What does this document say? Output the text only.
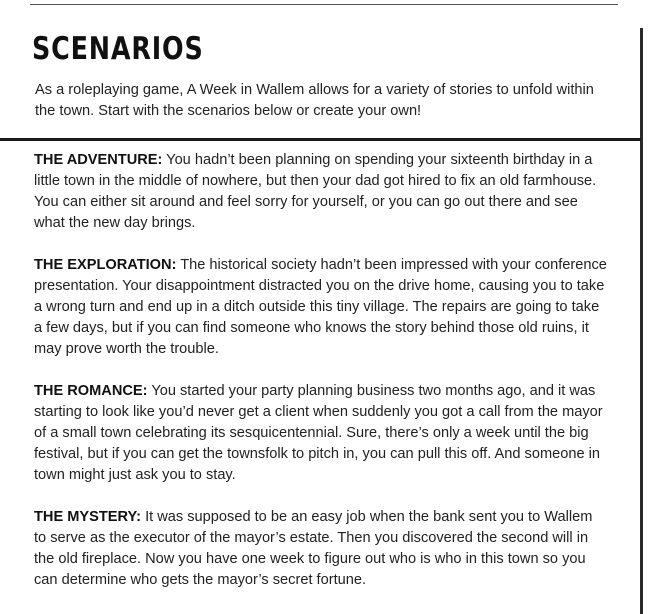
SCENARIOS

As a roleplaying game, A Week in Wallem allows for a variety of stories to unfold within the town. Start with the scenarios below or create your own!

THE ADVENTURE: You hadn’t been planning on spending your sixteenth birthday in a little town in the middle of nowhere, but then your dad got hired to fix an old farmhouse. You can either sit around and feel sorry for yourself, or you can go out there and see what the new day brings.

THE EXPLORATION: The historical society hadn’t been impressed with your conference presentation. Your disappointment distracted you on the drive home, causing you to take a wrong turn and end up in a ditch outside this tiny village. The repairs are going to take a few days, but if you can find someone who knows the story behind those old ruins, it may prove worth the trouble.

THE ROMANCE: You started your party planning business two months ago, and it was starting to look like you’d never get a client when suddenly you got a call from the mayor of a small town celebrating its sesquicentennial. Sure, there’s only a week until the big festival, but if you can get the townsfolk to pitch in, you can pull this off. And someone in town might just ask you to stay.

THE MYSTERY: It was supposed to be an easy job when the bank sent you to Wallem to serve as the executor of the mayor’s estate. Then you discovered the second will in the old fireplace. Now you have one week to figure out who is who in this town so you can determine who gets the mayor’s secret fortune.
